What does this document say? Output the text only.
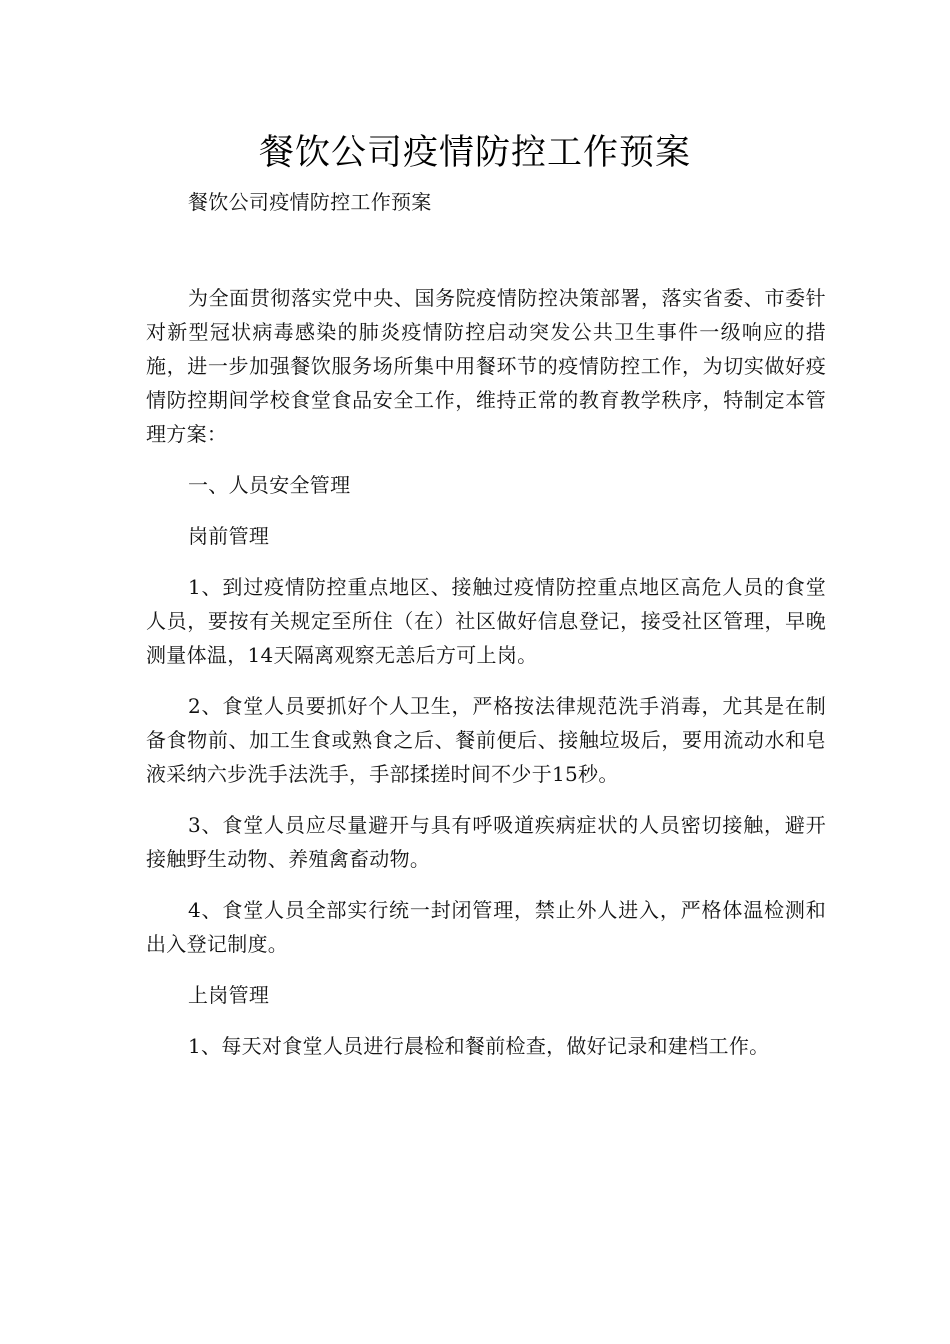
餐饮公司疫情防控工作预案

餐饮公司疫情防控工作预案

为全面贯彻落实党中央、国务院疫情防控决策部署，落实省委、市委针对新型冠状病毒感染的肺炎疫情防控启动突发公共卫生事件一级响应的措施，进一步加强餐饮服务场所集中用餐环节的疫情防控工作，为切实做好疫情防控期间学校食堂食品安全工作，维持正常的教育教学秩序，特制定本管理方案：

一、人员安全管理

岗前管理

1、到过疫情防控重点地区、接触过疫情防控重点地区高危人员的食堂人员，要按有关规定至所住（在）社区做好信息登记，接受社区管理，早晚测量体温，14天隔离观察无恙后方可上岗。

2、食堂人员要抓好个人卫生，严格按法律规范洗手消毒，尤其是在制备食物前、加工生食或熟食之后、餐前便后、接触垃圾后，要用流动水和皂液采纳六步洗手法洗手，手部揉搓时间不少于15秒。

3、食堂人员应尽量避开与具有呼吸道疾病症状的人员密切接触，避开接触野生动物、养殖禽畜动物。

4、食堂人员全部实行统一封闭管理，禁止外人进入，严格体温检测和出入登记制度。

上岗管理

1、每天对食堂人员进行晨检和餐前检查，做好记录和建档工作。
